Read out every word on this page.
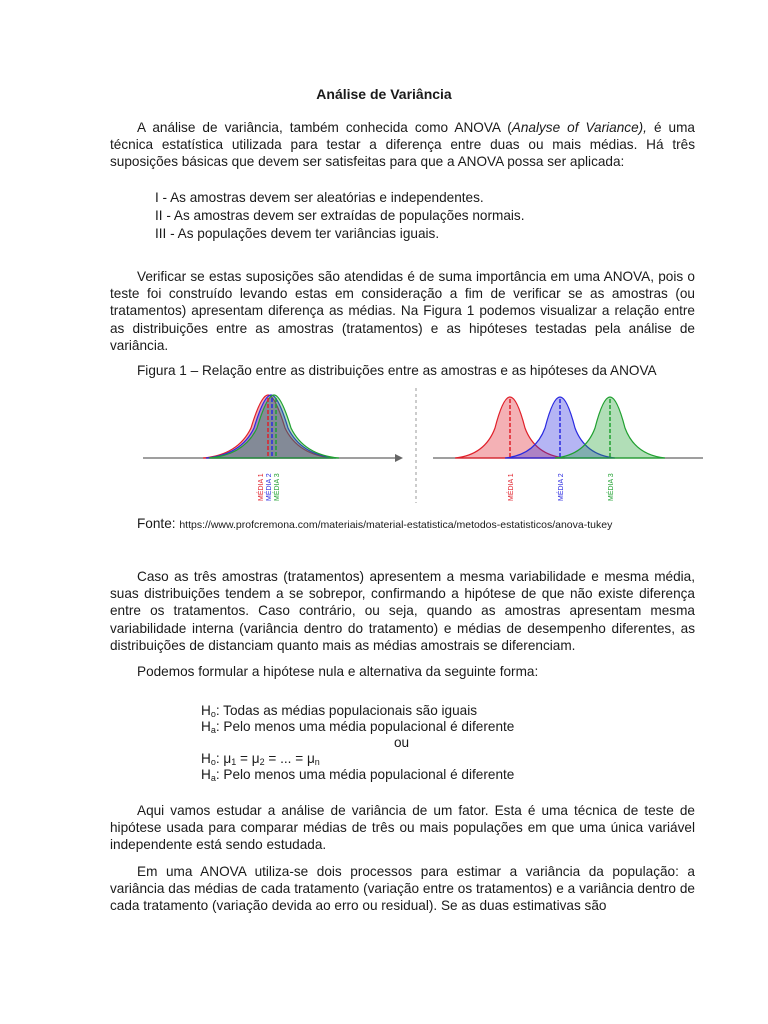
Análise de Variância

A análise de variância, também conhecida como ANOVA (Analyse of Variance), é uma técnica estatística utilizada para testar a diferença entre duas ou mais médias. Há três suposições básicas que devem ser satisfeitas para que a ANOVA possa ser aplicada:

I - As amostras devem ser aleatórias e independentes.
II - As amostras devem ser extraídas de populações normais.
III - As populações devem ter variâncias iguais.

Verificar se estas suposições são atendidas é de suma importância em uma ANOVA, pois o teste foi construído levando estas em consideração a fim de verificar se as amostras (ou tratamentos) apresentam diferença as médias. Na Figura 1 podemos visualizar a relação entre as distribuições entre as amostras (tratamentos) e as hipóteses testadas pela análise de variância.

Figura 1 – Relação entre as distribuições entre as amostras e as hipóteses da ANOVA
MÉDIA 1 MÉDIA 2 MÉDIA 3	MÉDIA 1	MÉDIA 2	MÉDIA 3
Fonte: https://www.profcremona.com/materiais/material-estatistica/metodos-estatisticos/anova-tukey

Caso as três amostras (tratamentos) apresentem a mesma variabilidade e mesma média, suas distribuições tendem a se sobrepor, confirmando a hipótese de que não existe diferença entre os tratamentos. Caso contrário, ou seja, quando as amostras apresentam mesma variabilidade interna (variância dentro do tratamento) e médias de desempenho diferentes, as distribuições de distanciam quanto mais as médias amostrais se diferenciam.

Podemos formular a hipótese nula e alternativa da seguinte forma:

$H_o$: Todas as médias populacionais são iguais
$H_a$: Pelo menos uma média populacional é diferente
ou
$H_o$: $\mu_1 = \mu_2$ = ... = $\mu_n$
$H_a$: Pelo menos uma média populacional é diferente

Aqui vamos estudar a análise de variância de um fator. Esta é uma técnica de teste de hipótese usada para comparar médias de três ou mais populações em que uma única variável independente está sendo estudada.

Em uma ANOVA utiliza-se dois processos para estimar a variância da população: a variância das médias de cada tratamento (variação entre os tratamentos) e a variância dentro de cada tratamento (variação devida ao erro ou residual). Se as duas estimativas são
